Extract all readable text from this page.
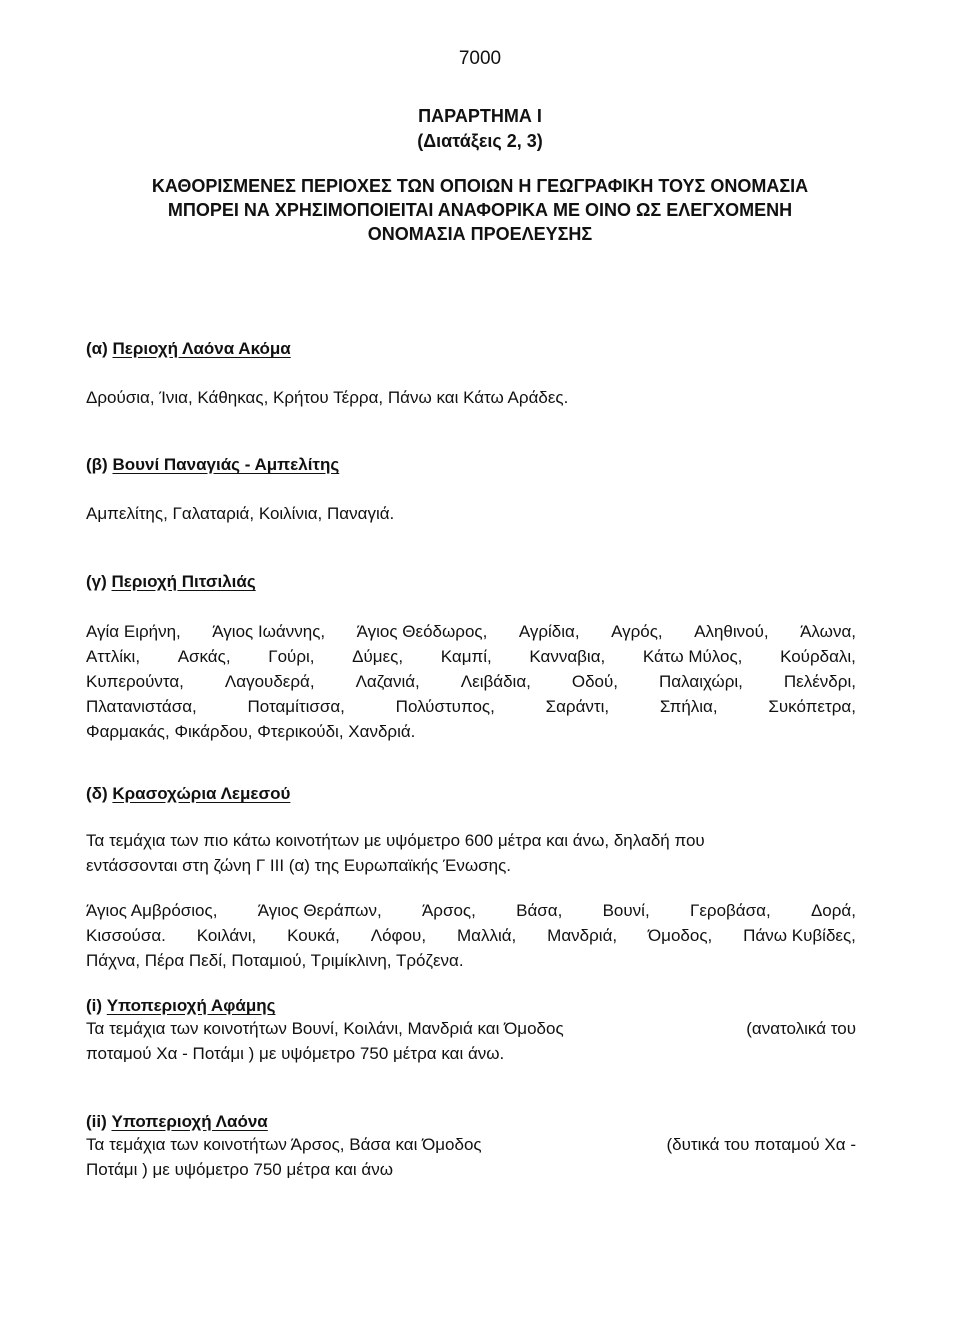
7000
ΠΑΡΑΡΤΗΜΑ Ι
(Διατάξεις 2, 3)
ΚΑΘΟΡΙΣΜΕΝΕΣ ΠΕΡΙΟΧΕΣ ΤΩΝ ΟΠΟΙΩΝ Η ΓΕΩΓΡΑΦΙΚΗ ΤΟΥΣ ΟΝΟΜΑΣΙΑ
ΜΠΟΡΕΙ ΝΑ ΧΡΗΣΙΜΟΠΟΙΕΙΤΑΙ ΑΝΑΦΟΡΙΚΑ ΜΕ ΟΙΝΟ ΩΣ ΕΛΕΓΧΟΜΕΝΗ
ΟΝΟΜΑΣΙΑ ΠΡΟΕΛΕΥΣΗΣ
(α) Περιοχή Λαόνα Ακόμα
Δρούσια, Ίνια, Κάθηκας, Κρήτου Τέρρα, Πάνω και Κάτω Αράδες.
(β) Βουνί Παναγιάς - Αμπελίτης
Αμπελίτης, Γαλαταριά, Κοιλίνια, Παναγιά.
(γ) Περιοχή Πιτσιλιάς
Αγία Ειρήνη, Άγιος Ιωάννης, Άγιος Θεόδωρος, Αγρίδια, Αγρός, Αληθινού, Άλωνα,
Αττλίκι, Ασκάς, Γούρι, Δύμες, Καμπί, Κανναβια, Κάτω Μύλος, Κούρδαλι,
Κυπερούντα, Λαγουδερά, Λαζανιά, Λειβάδια, Οδού, Παλαιχώρι, Πελένδρι,
Πλατανιστάσα,	Ποταμίτισσα,	Πολύστυπος,	Σαράντι,	Σπήλια,	Συκόπετρα,
Φαρμακάς, Φικάρδου, Φτερικούδι, Χανδριά.
(δ) Κρασοχώρια Λεμεσού
Τα τεμάχια των πιο κάτω κοινοτήτων με υψόμετρο 600 μέτρα και άνω, δηλαδή που
εντάσσονται στη ζώνη Γ ΙΙΙ (α) της Ευρωπαϊκής Ένωσης.
Άγιος Αμβρόσιος, Άγιος Θεράπων, Άρσος, Βάσα, Βουνί, Γεροβάσα, Δορά,
Κισσούσα. Κοιλάνι, Κουκά, Λόφου, Μαλλιά, Μανδριά, Όμοδος, Πάνω Κυβίδες,
Πάχνα, Πέρα Πεδί, Ποταμιού, Τριμίκλινη, Τρόζενα.
(i) Υποπεριοχή Αφάμης
Τα τεμάχια των κοινοτήτων Βουνί, Κοιλάνι, Μανδριά και Όμοδος	(ανατολικά του
ποταμού Χα - Ποτάμι ) με υψόμετρο 750 μέτρα και άνω.
(ii) Υποπεριοχή Λαόνα
Τα τεμάχια των κοινοτήτων Άρσος, Βάσα και Όμοδος	(δυτικά του ποταμού Χα -
Ποτάμι ) με υψόμετρο 750 μέτρα και άνω
